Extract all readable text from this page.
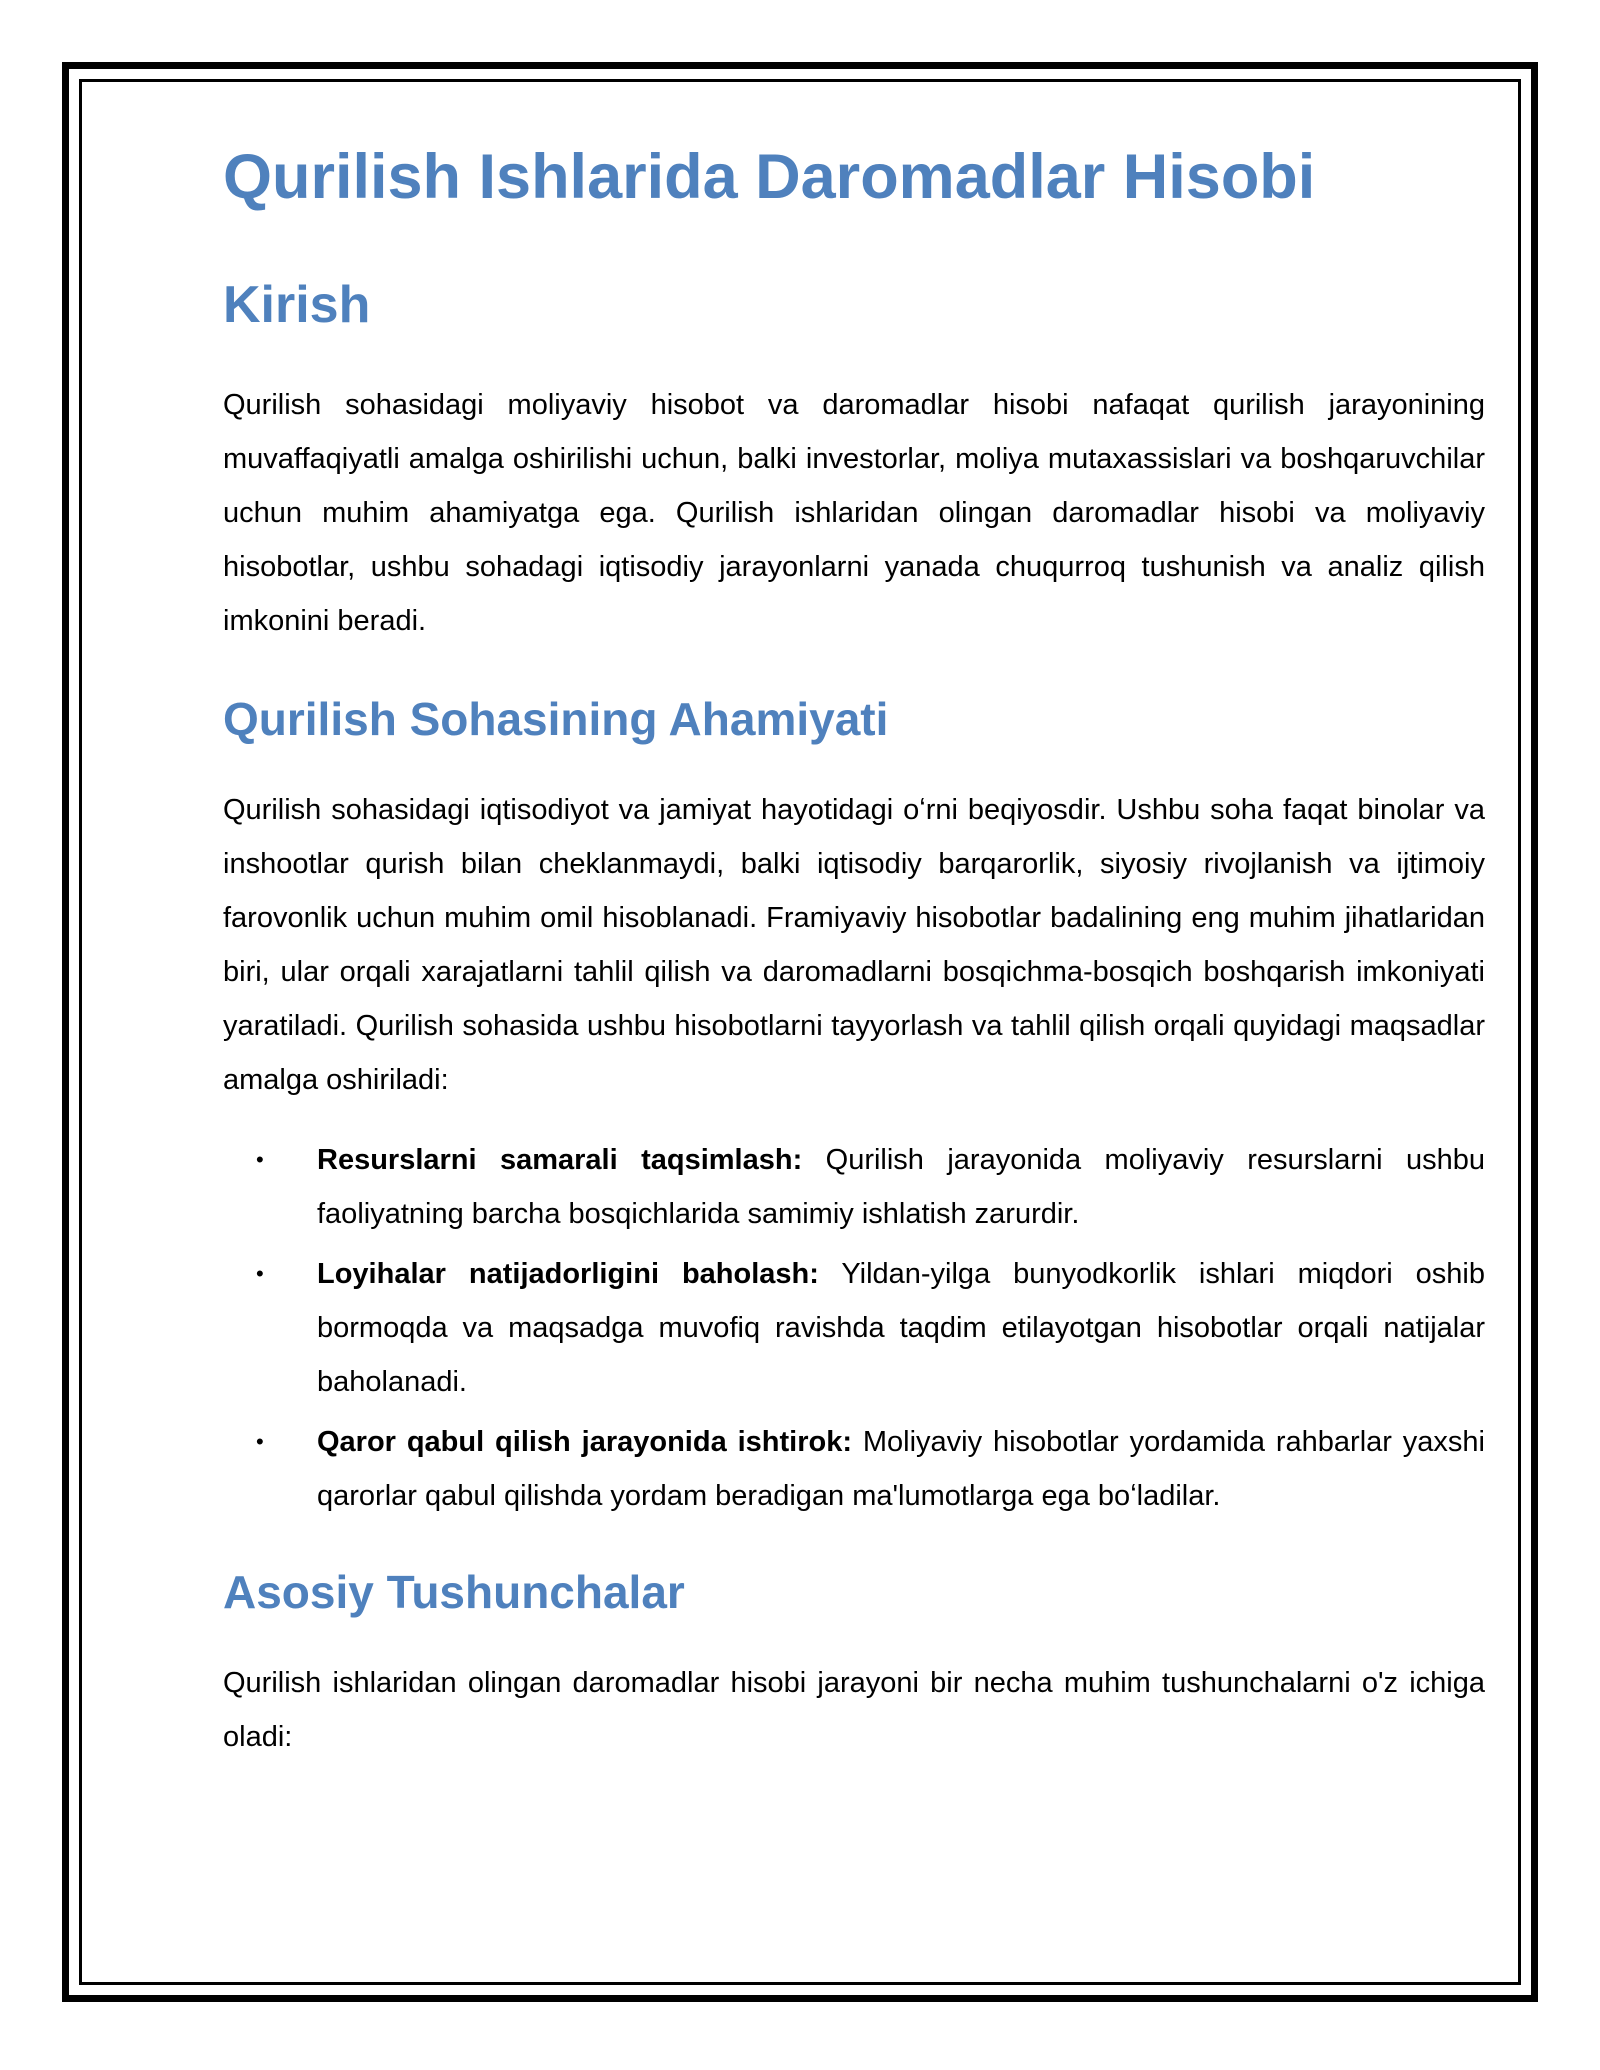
Qurilish Ishlarida Daromadlar Hisobi
Kirish

Qurilish sohasidagi moliyaviy hisobot va daromadlar hisobi nafaqat qurilish jarayonining muvaffaqiyatli amalga oshirilishi uchun, balki investorlar, moliya mutaxassislari va boshqaruvchilar uchun muhim ahamiyatga ega. Qurilish ishlaridan olingan daromadlar hisobi va moliyaviy hisobotlar, ushbu sohadagi iqtisodiy jarayonlarni yanada chuqurroq tushunish va analiz qilish imkonini beradi.

Qurilish Sohasining Ahamiyati

Qurilish sohasidagi iqtisodiyot va jamiyat hayotidagi oʻrni beqiyosdir. Ushbu soha faqat binolar va inshootlar qurish bilan cheklanmaydi, balki iqtisodiy barqarorlik, siyosiy rivojlanish va ijtimoiy farovonlik uchun muhim omil hisoblanadi. Framiyaviy hisobotlar badalining eng muhim jihatlaridan biri, ular orqali xarajatlarni tahlil qilish va daromadlarni bosqichma-bosqich boshqarish imkoniyati yaratiladi. Qurilish sohasida ushbu hisobotlarni tayyorlash va tahlil qilish orqali quyidagi maqsadlar amalga oshiriladi:

• Resurslarni samarali taqsimlash: Qurilish jarayonida moliyaviy resurslarni ushbu faoliyatning barcha bosqichlarida samimiy ishlatish zarurdir.
• Loyihalar natijadorligini baholash: Yildan-yilga bunyodkorlik ishlari miqdori oshib bormoqda va maqsadga muvofiq ravishda taqdim etilayotgan hisobotlar orqali natijalar baholanadi.
• Qaror qabul qilish jarayonida ishtirok: Moliyaviy hisobotlar yordamida rahbarlar yaxshi qarorlar qabul qilishda yordam beradigan ma'lumotlarga ega boʻladilar.
Asosiy Tushunchalar

Qurilish ishlaridan olingan daromadlar hisobi jarayoni bir necha muhim tushunchalarni o'z ichiga oladi:
